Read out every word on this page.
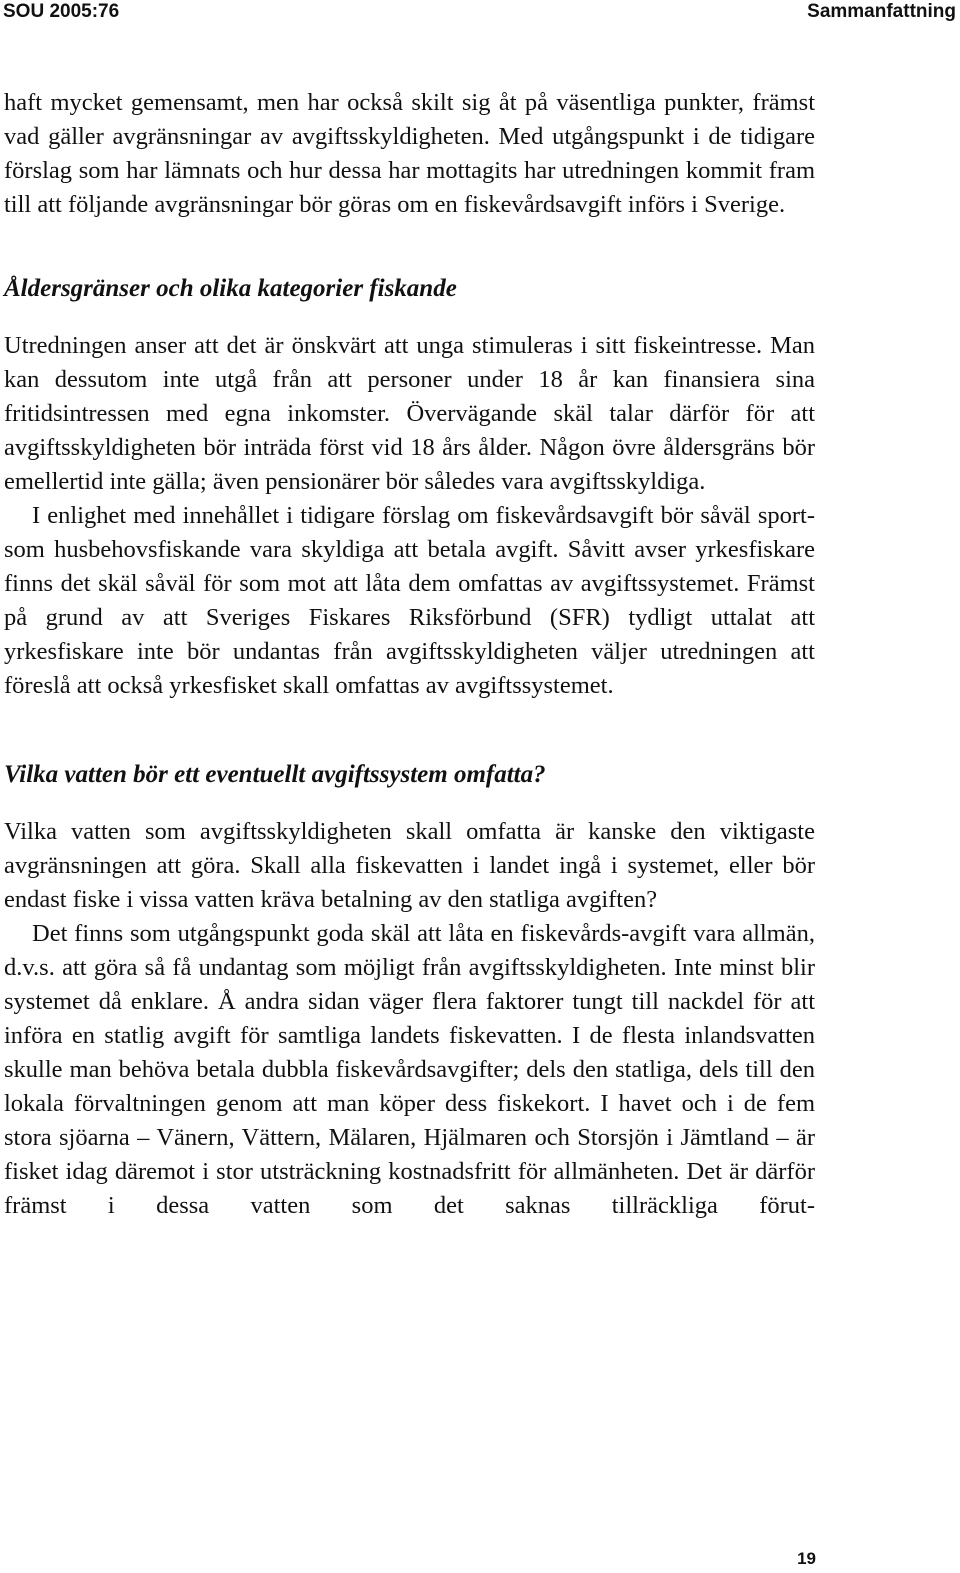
SOU 2005:76	Sammanfattning

haft mycket gemensamt, men har också skilt sig åt på väsentliga punkter, främst vad gäller avgränsningar av avgiftsskyldigheten. Med utgångspunkt i de tidigare förslag som har lämnats och hur dessa har mottagits har utredningen kommit fram till att följande avgränsningar bör göras om en fiskevårdsavgift införs i Sverige.

Åldersgränser och olika kategorier fiskande

Utredningen anser att det är önskvärt att unga stimuleras i sitt fiskeintresse. Man kan dessutom inte utgå från att personer under 18 år kan finansiera sina fritidsintressen med egna inkomster. Övervägande skäl talar därför för att avgiftsskyldigheten bör inträda först vid 18 års ålder. Någon övre åldersgräns bör emellertid inte gälla; även pensionärer bör således vara avgiftsskyldiga.

I enlighet med innehållet i tidigare förslag om fiskevårdsavgift bör såväl sport- som husbehovsfiskande vara skyldiga att betala avgift. Såvitt avser yrkesfiskare finns det skäl såväl för som mot att låta dem omfattas av avgiftssystemet. Främst på grund av att Sveriges Fiskares Riksförbund (SFR) tydligt uttalat att yrkesfiskare inte bör undantas från avgiftsskyldigheten väljer utredningen att föreslå att också yrkesfisket skall omfattas av avgiftssystemet.

Vilka vatten bör ett eventuellt avgiftssystem omfatta?

Vilka vatten som avgiftsskyldigheten skall omfatta är kanske den viktigaste avgränsningen att göra. Skall alla fiskevatten i landet ingå i systemet, eller bör endast fiske i vissa vatten kräva betalning av den statliga avgiften?

Det finns som utgångspunkt goda skäl att låta en fiskevårds-avgift vara allmän, d.v.s. att göra så få undantag som möjligt från avgiftsskyldigheten. Inte minst blir systemet då enklare. Å andra sidan väger flera faktorer tungt till nackdel för att införa en statlig avgift för samtliga landets fiskevatten. I de flesta inlandsvatten skulle man behöva betala dubbla fiskevårdsavgifter; dels den statliga, dels till den lokala förvaltningen genom att man köper dess fiskekort. I havet och i de fem stora sjöarna – Vänern, Vättern, Mälaren, Hjälmaren och Storsjön i Jämtland – är fisket idag däremot i stor utsträckning kostnadsfritt för allmänheten. Det är därför främst i dessa vatten som det saknas tillräckliga förut-

19
